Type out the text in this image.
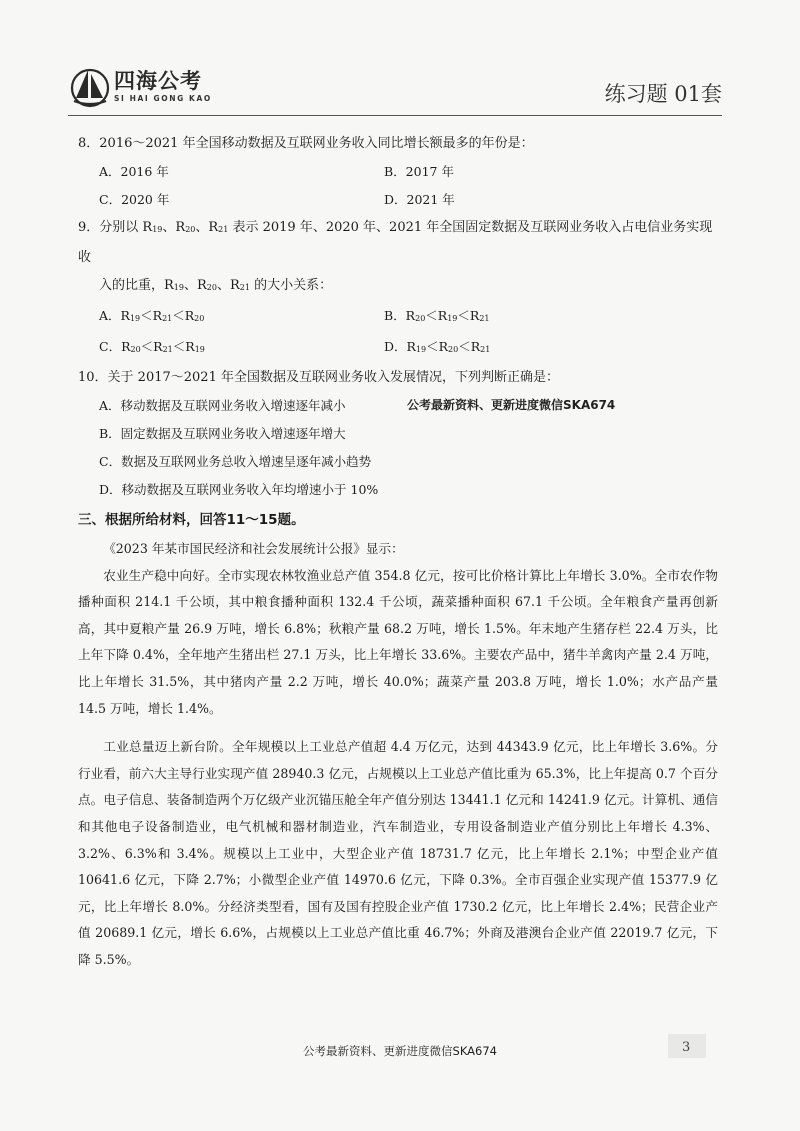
四海公考
SI HAI GONG KAO	练习题 01套
8．2016～2021 年全国移动数据及互联网业务收入同比增长额最多的年份是：
A．2016 年	B．2017 年
C．2020 年	D．2021 年
9．分别以 $R_{19}$、$R_{20}$、$R_{21}$ 表示 2019 年、2020 年、2021 年全国固定数据及互联网业务收入占电信业务实现收
入的比重，$R_{19}$、$R_{20}$、$R_{21}$ 的大小关系：
A．$R_{19}<R_{21}<R_{20}$	B．$R_{20}<R_{19}<R_{21}$
C．$R_{20}<R_{21}<R_{19}$	D．$R_{19}<R_{20}<R_{21}$
10．关于 2017～2021 年全国数据及互联网业务收入发展情况，下列判断正确是：
A．移动数据及互联网业务收入增速逐年减小	公考最新资料、更新进度微信SKA674
B．固定数据及互联网业务收入增速逐年增大
C．数据及互联网业务总收入增速呈逐年减小趋势
D．移动数据及互联网业务收入年均增速小于 10%
三、根据所给材料，回答11～15题。

《2023 年某市国民经济和社会发展统计公报》显示：

农业生产稳中向好。全市实现农林牧渔业总产值 354.8 亿元，按可比价格计算比上年增长 3.0%。全市农作物播种面积 214.1 千公顷，其中粮食播种面积 132.4 千公顷，蔬菜播种面积 67.1 千公顷。全年粮食产量再创新高，其中夏粮产量 26.9 万吨，增长 6.8%；秋粮产量 68.2 万吨，增长 1.5%。年末地产生猪存栏 22.4 万头，比上年下降 0.4%，全年地产生猪出栏 27.1 万头，比上年增长 33.6%。主要农产品中，猪牛羊禽肉产量 2.4 万吨，比上年增长 31.5%，其中猪肉产量 2.2 万吨，增长 40.0%；蔬菜产量 203.8 万吨，增长 1.0%；水产品产量 14.5 万吨，增长 1.4%。

工业总量迈上新台阶。全年规模以上工业总产值超 4.4 万亿元，达到 44343.9 亿元，比上年增长 3.6%。分行业看，前六大主导行业实现产值 28940.3 亿元，占规模以上工业总产值比重为 65.3%，比上年提高 0.7 个百分点。电子信息、装备制造两个万亿级产业沉锚压舱全年产值分别达 13441.1 亿元和 14241.9 亿元。计算机、通信和其他电子设备制造业，电气机械和器材制造业，汽车制造业，专用设备制造业产值分别比上年增长 4.3%、3.2%、6.3%和 3.4%。规模以上工业中，大型企业产值 18731.7 亿元，比上年增长 2.1%；中型企业产值 10641.6 亿元，下降 2.7%；小微型企业产值 14970.6 亿元，下降 0.3%。全市百强企业实现产值 15377.9 亿元，比上年增长 8.0%。分经济类型看，国有及国有控股企业产值 1730.2 亿元，比上年增长 2.4%；民营企业产值 20689.1 亿元，增长 6.6%，占规模以上工业总产值比重 46.7%；外商及港澳台企业产值 22019.7 亿元，下降 5.5%。

公考最新资料、更新进度微信SKA674	3
